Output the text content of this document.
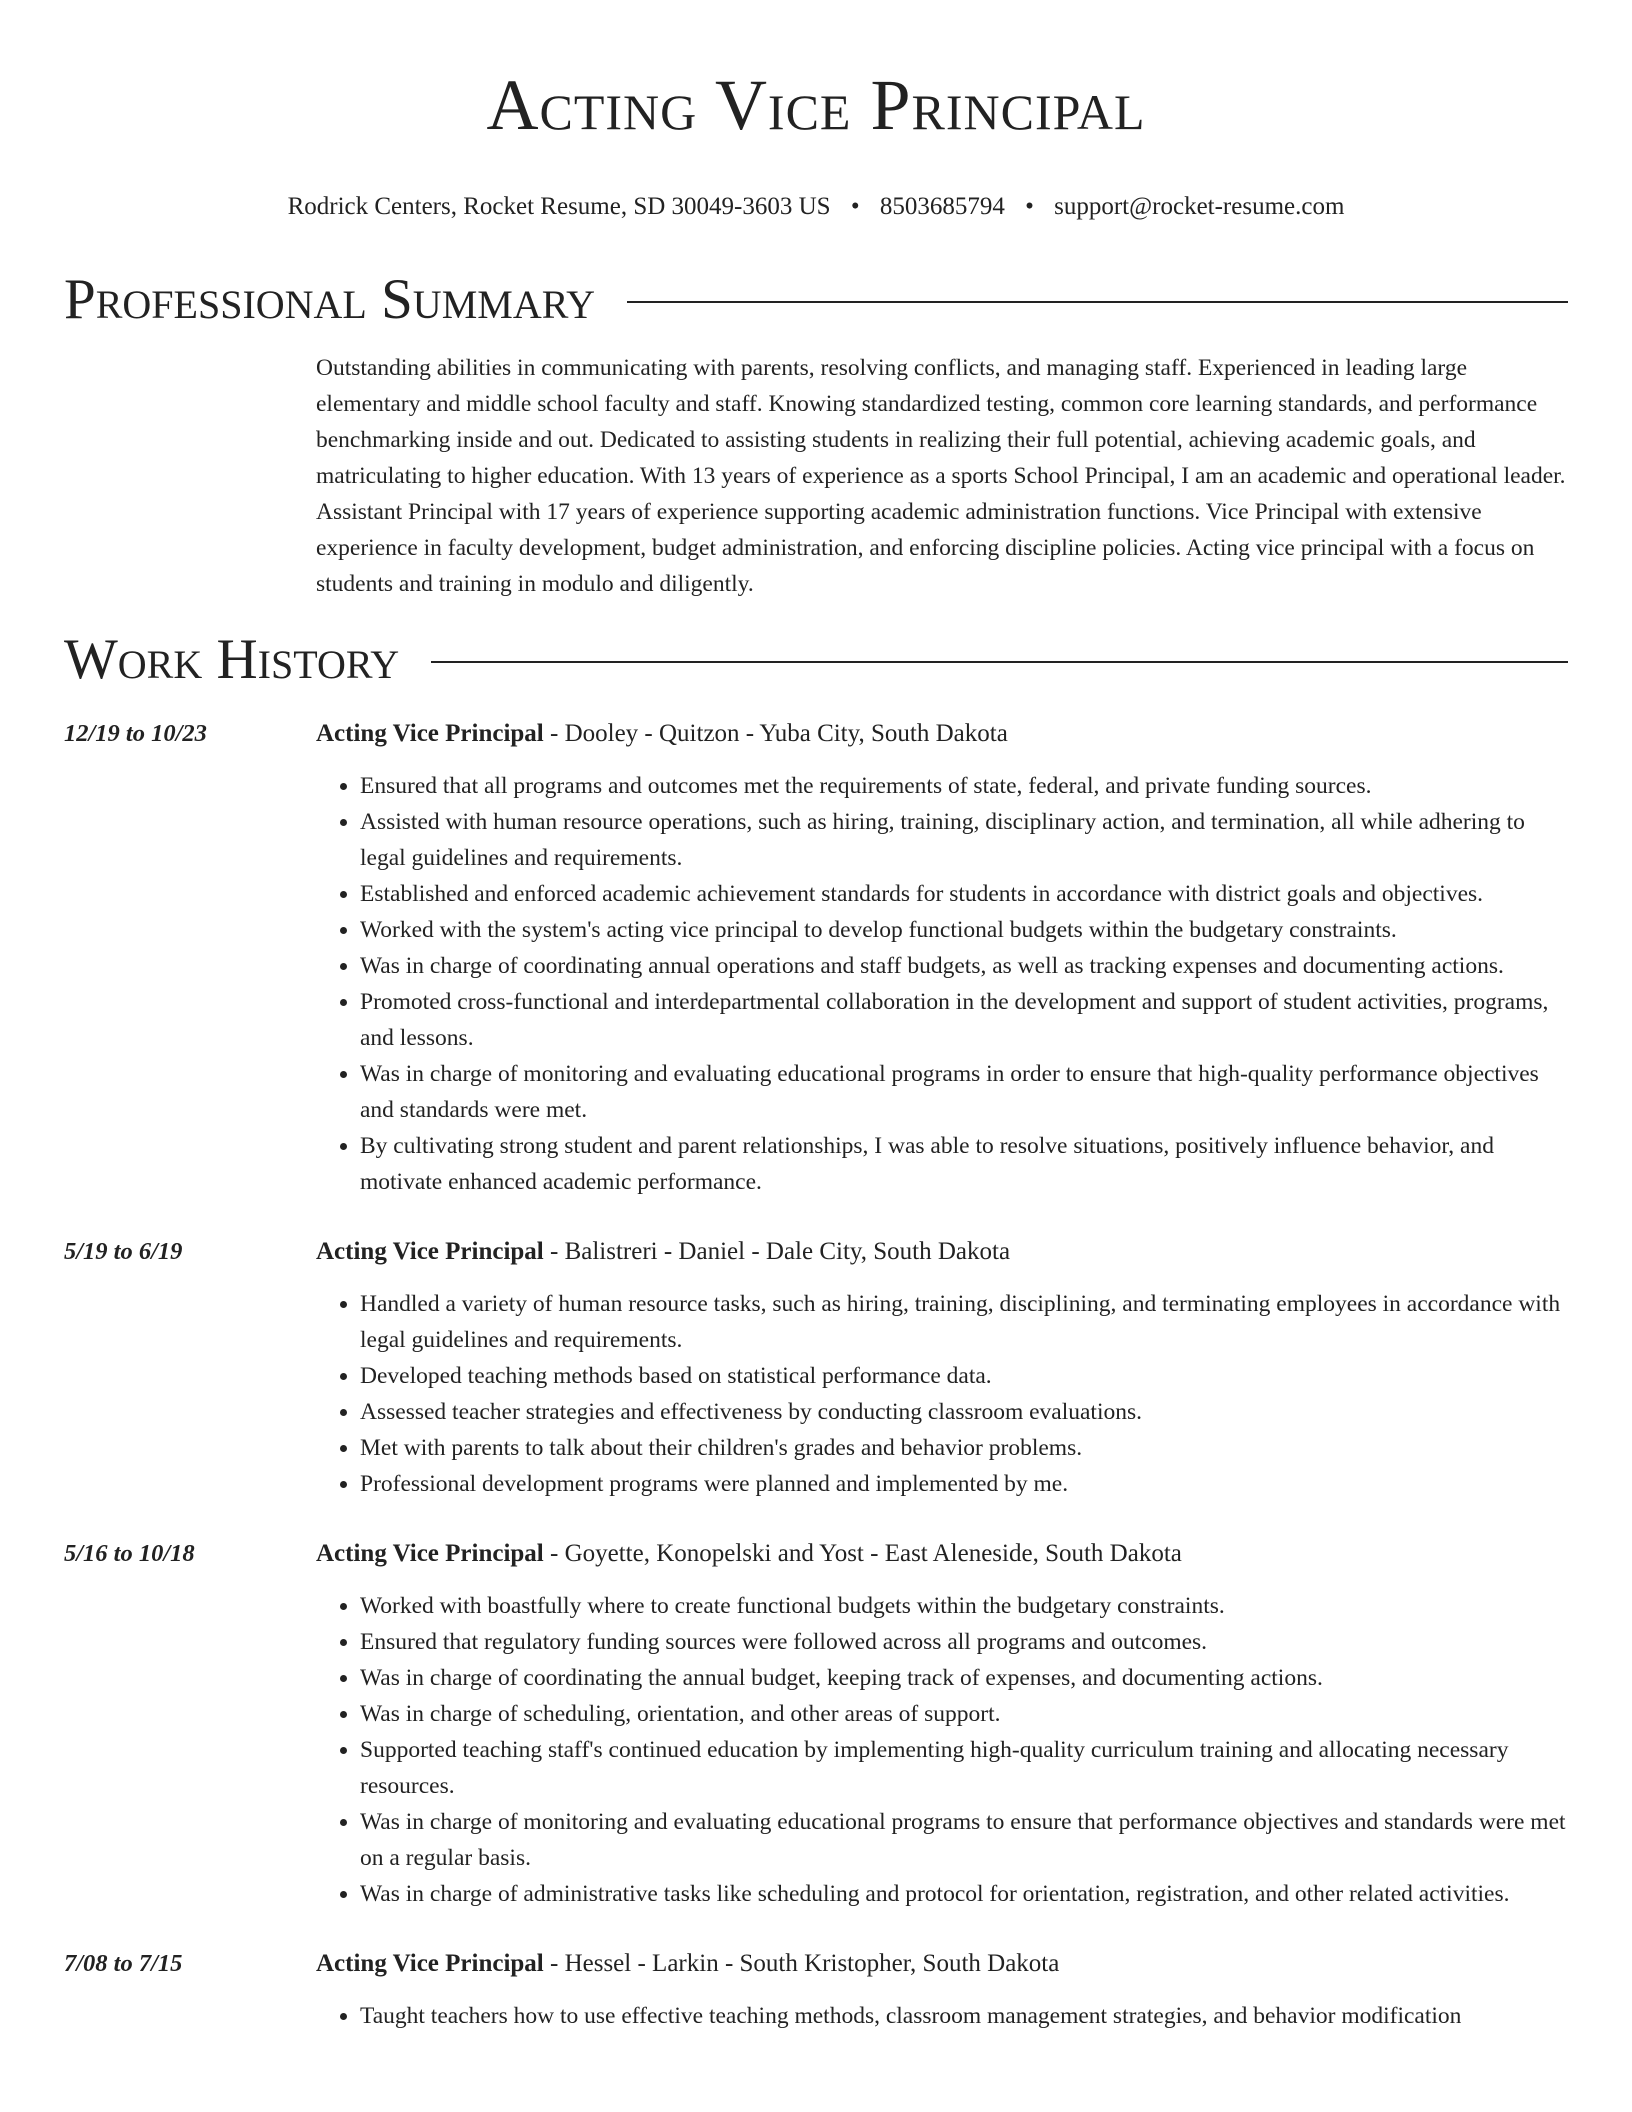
Acting Vice Principal
Rodrick Centers, Rocket Resume, SD 30049-3603 US • 8503685794 • support@rocket-resume.com
Professional Summary
Outstanding abilities in communicating with parents, resolving conflicts, and managing staff. Experienced in leading large elementary and middle school faculty and staff. Knowing standardized testing, common core learning standards, and performance benchmarking inside and out. Dedicated to assisting students in realizing their full potential, achieving academic goals, and matriculating to higher education. With 13 years of experience as a sports School Principal, I am an academic and operational leader. Assistant Principal with 17 years of experience supporting academic administration functions. Vice Principal with extensive experience in faculty development, budget administration, and enforcing discipline policies. Acting vice principal with a focus on students and training in modulo and diligently.
Work History
12/19 to 10/23	Acting Vice Principal - Dooley - Quitzon - Yuba City, South Dakota
• Ensured that all programs and outcomes met the requirements of state, federal, and private funding sources.
• Assisted with human resource operations, such as hiring, training, disciplinary action, and termination, all while adhering to legal guidelines and requirements.
• Established and enforced academic achievement standards for students in accordance with district goals and objectives.
• Worked with the system's acting vice principal to develop functional budgets within the budgetary constraints.
• Was in charge of coordinating annual operations and staff budgets, as well as tracking expenses and documenting actions.
• Promoted cross-functional and interdepartmental collaboration in the development and support of student activities, programs, and lessons.
• Was in charge of monitoring and evaluating educational programs in order to ensure that high-quality performance objectives and standards were met.
• By cultivating strong student and parent relationships, I was able to resolve situations, positively influence behavior, and motivate enhanced academic performance.
5/19 to 6/19	Acting Vice Principal - Balistreri - Daniel - Dale City, South Dakota
• Handled a variety of human resource tasks, such as hiring, training, disciplining, and terminating employees in accordance with legal guidelines and requirements.
• Developed teaching methods based on statistical performance data.
• Assessed teacher strategies and effectiveness by conducting classroom evaluations.
• Met with parents to talk about their children's grades and behavior problems.
• Professional development programs were planned and implemented by me.
5/16 to 10/18	Acting Vice Principal - Goyette, Konopelski and Yost - East Aleneside, South Dakota
• Worked with boastfully where to create functional budgets within the budgetary constraints.
• Ensured that regulatory funding sources were followed across all programs and outcomes.
• Was in charge of coordinating the annual budget, keeping track of expenses, and documenting actions.
• Was in charge of scheduling, orientation, and other areas of support.
• Supported teaching staff's continued education by implementing high-quality curriculum training and allocating necessary resources.
• Was in charge of monitoring and evaluating educational programs to ensure that performance objectives and standards were met on a regular basis.
• Was in charge of administrative tasks like scheduling and protocol for orientation, registration, and other related activities.
7/08 to 7/15	Acting Vice Principal - Hessel - Larkin - South Kristopher, South Dakota
• Taught teachers how to use effective teaching methods, classroom management strategies, and behavior modification
